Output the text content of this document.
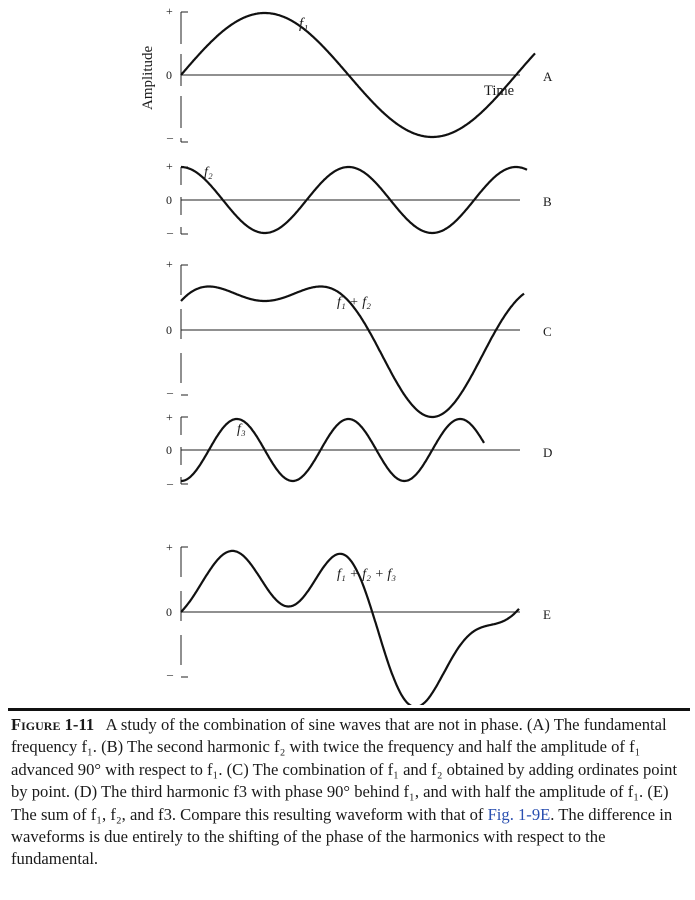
Amplitude	Time
+
0
–
f₁
A
+
0
–
f₂
B
+
0
–
f₁ + f₂
C
+
0
–
f₃
D
+
0
–
f₁ + f₂ + f₃
E
Figure 1-11 A study of the combination of sine waves that are not in phase. (A) The fundamental frequency f₁. (B) The second harmonic f₂ with twice the frequency and half the amplitude of f₁ advanced 90° with respect to f₁. (C) The combination of f₁ and f₂ obtained by adding ordinates point by point. (D) The third harmonic f3 with phase 90° behind f₁, and with half the amplitude of f₁. (E) The sum of f₁, f₂, and f3. Compare this resulting waveform with that of Fig. 1-9E. The difference in waveforms is due entirely to the shifting of the phase of the harmonics with respect to the fundamental.
